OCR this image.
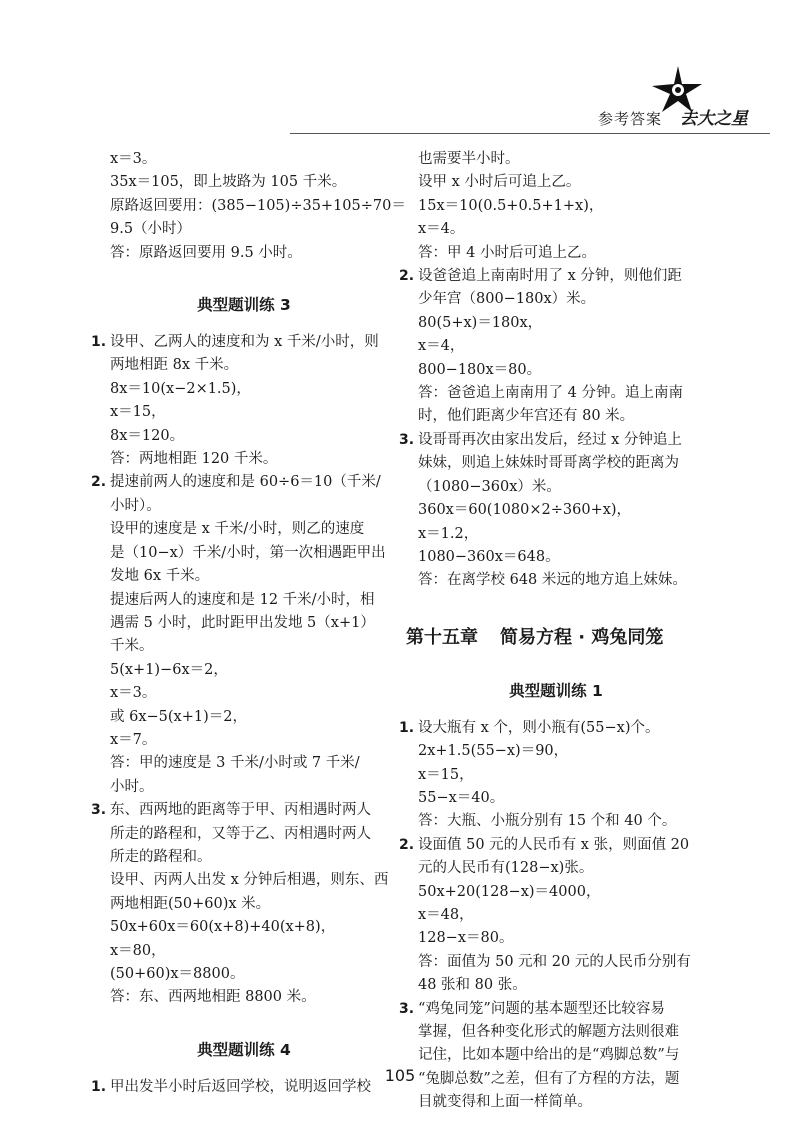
参考答案 去大之星
x＝3。
35x＝105，即上坡路为 105 千米。
原路返回要用：(385−105)÷35+105÷70＝
9.5（小时）
答：原路返回要用 9.5 小时。
典型题训练 3
1. 设甲、乙两人的速度和为 x 千米/小时，则
两地相距 8x 千米。
8x＝10(x−2×1.5)，
x＝15，
8x＝120。
答：两地相距 120 千米。
2. 提速前两人的速度和是 60÷6＝10（千米/
小时）。
设甲的速度是 x 千米/小时，则乙的速度
是（10−x）千米/小时，第一次相遇距甲出
发地 6x 千米。
提速后两人的速度和是 12 千米/小时，相
遇需 5 小时，此时距甲出发地 5（x+1）
千米。
5(x+1)−6x＝2，
x＝3。
或 6x−5(x+1)＝2，
x＝7。
答：甲的速度是 3 千米/小时或 7 千米/
小时。
3. 东、西两地的距离等于甲、丙相遇时两人
所走的路程和，又等于乙、丙相遇时两人
所走的路程和。
设甲、丙两人出发 x 分钟后相遇，则东、西
两地相距(50+60)x 米。
50x+60x＝60(x+8)+40(x+8)，
x＝80，
(50+60)x＝8800。
答：东、西两地相距 8800 米。
典型题训练 4
1. 甲出发半小时后返回学校，说明返回学校
也需要半小时。
设甲 x 小时后可追上乙。
15x＝10(0.5+0.5+1+x)，
x＝4。
答：甲 4 小时后可追上乙。
2. 设爸爸追上南南时用了 x 分钟，则他们距
少年宫（800−180x）米。
80(5+x)＝180x，
x＝4，
800−180x＝80。
答：爸爸追上南南用了 4 分钟。追上南南
时，他们距离少年宫还有 80 米。
3. 设哥哥再次由家出发后，经过 x 分钟追上
妹妹，则追上妹妹时哥哥离学校的距离为
（1080−360x）米。
360x＝60(1080×2÷360+x)，
x＝1.2，
1080−360x＝648。
答：在离学校 648 米远的地方追上妹妹。
第十五章 简易方程 · 鸡兔同笼
典型题训练 1
1. 设大瓶有 x 个，则小瓶有(55−x)个。
2x+1.5(55−x)＝90，
x＝15，
55−x＝40。
答：大瓶、小瓶分别有 15 个和 40 个。
2. 设面值 50 元的人民币有 x 张，则面值 20
元的人民币有(128−x)张。
50x+20(128−x)＝4000，
x＝48，
128−x＝80。
答：面值为 50 元和 20 元的人民币分别有
48 张和 80 张。
3. “鸡兔同笼”问题的基本题型还比较容易
掌握，但各种变化形式的解题方法则很难
记住，比如本题中给出的是“鸡脚总数”与
“兔脚总数”之差，但有了方程的方法，题
目就变得和上面一样简单。
105
